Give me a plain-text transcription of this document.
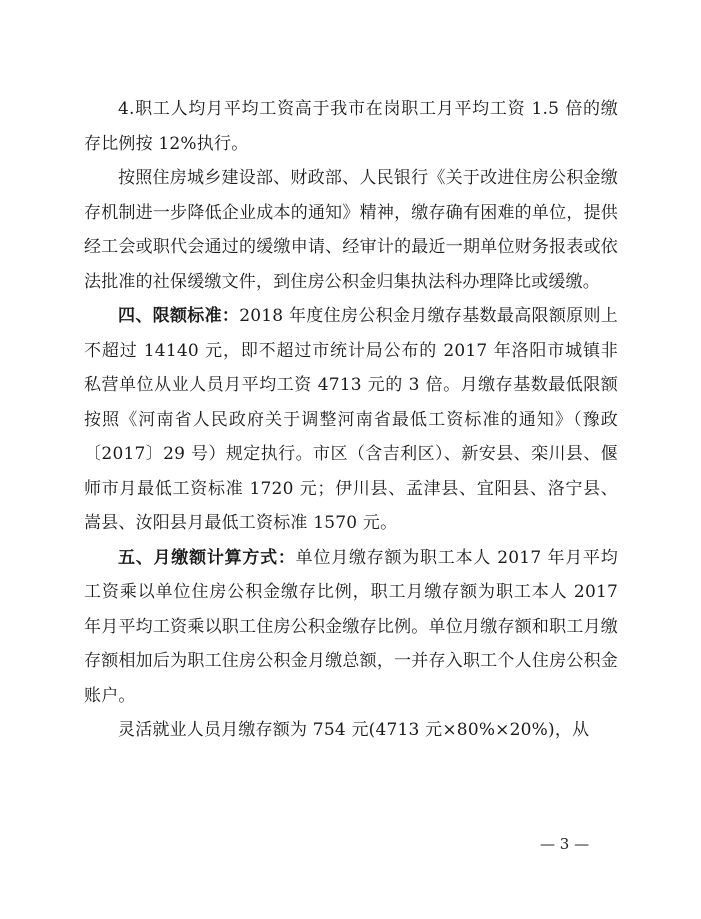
4.职工人均月平均工资高于我市在岗职工月平均工资 1.5 倍的缴存比例按 12%执行。

按照住房城乡建设部、财政部、人民银行《关于改进住房公积金缴存机制进一步降低企业成本的通知》精神，缴存确有困难的单位，提供经工会或职代会通过的缓缴申请、经审计的最近一期单位财务报表或依法批准的社保缓缴文件，到住房公积金归集执法科办理降比或缓缴。

四、限额标准：2018 年度住房公积金月缴存基数最高限额原则上不超过 14140 元，即不超过市统计局公布的 2017 年洛阳市城镇非私营单位从业人员月平均工资 4713 元的 3 倍。月缴存基数最低限额按照《河南省人民政府关于调整河南省最低工资标准的通知》（豫政〔2017〕29 号）规定执行。市区（含吉利区）、新安县、栾川县、偃师市月最低工资标准 1720 元；伊川县、孟津县、宜阳县、洛宁县、嵩县、汝阳县月最低工资标准 1570 元。

五、月缴额计算方式：单位月缴存额为职工本人 2017 年月平均工资乘以单位住房公积金缴存比例，职工月缴存额为职工本人 2017 年月平均工资乘以职工住房公积金缴存比例。单位月缴存额和职工月缴存额相加后为职工住房公积金月缴总额，一并存入职工个人住房公积金账户。

灵活就业人员月缴存额为 754 元(4713 元×80%×20%)，从

— 3 —
